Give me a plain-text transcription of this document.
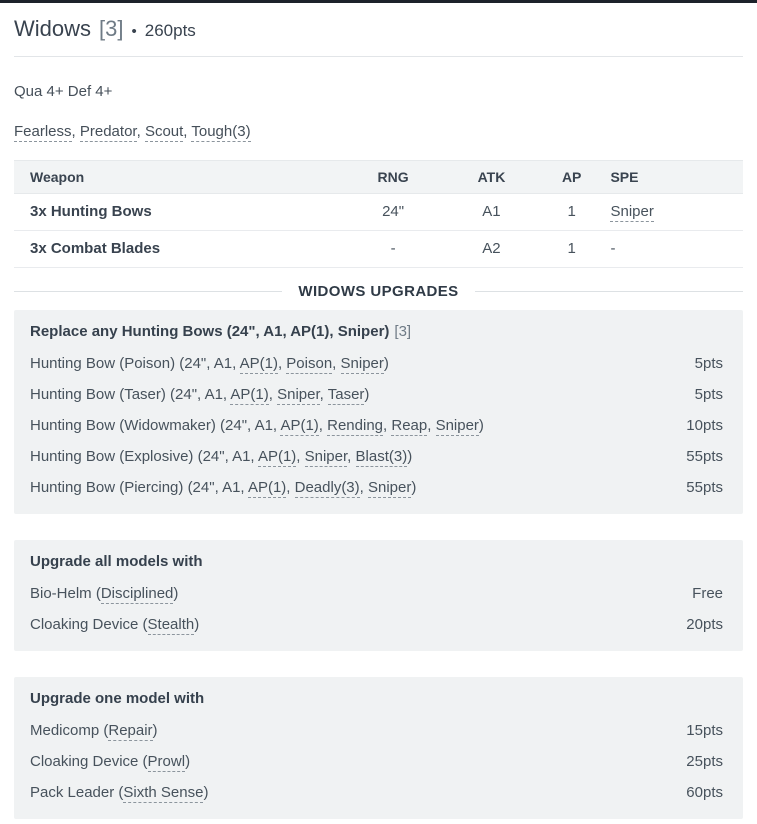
Widows [3] • 260pts
Qua 4+ Def 4+
Fearless, Predator, Scout, Tough(3)
Weapon	RNG	ATK	AP	SPE
3x Hunting Bows	24"	A1	1	Sniper
3x Combat Blades	-	A2	1	-
WIDOWS UPGRADES
Replace any Hunting Bows (24", A1, AP(1), Sniper) [3]
Hunting Bow (Poison) (24", A1, AP(1), Poison, Sniper)	5pts
Hunting Bow (Taser) (24", A1, AP(1), Sniper, Taser)	5pts
Hunting Bow (Widowmaker) (24", A1, AP(1), Rending, Reap, Sniper)	10pts
Hunting Bow (Explosive) (24", A1, AP(1), Sniper, Blast(3))	55pts
Hunting Bow (Piercing) (24", A1, AP(1), Deadly(3), Sniper)	55pts
Upgrade all models with
Bio-Helm (Disciplined)	Free
Cloaking Device (Stealth)	20pts
Upgrade one model with
Medicomp (Repair)	15pts
Cloaking Device (Prowl)	25pts
Pack Leader (Sixth Sense)	60pts
